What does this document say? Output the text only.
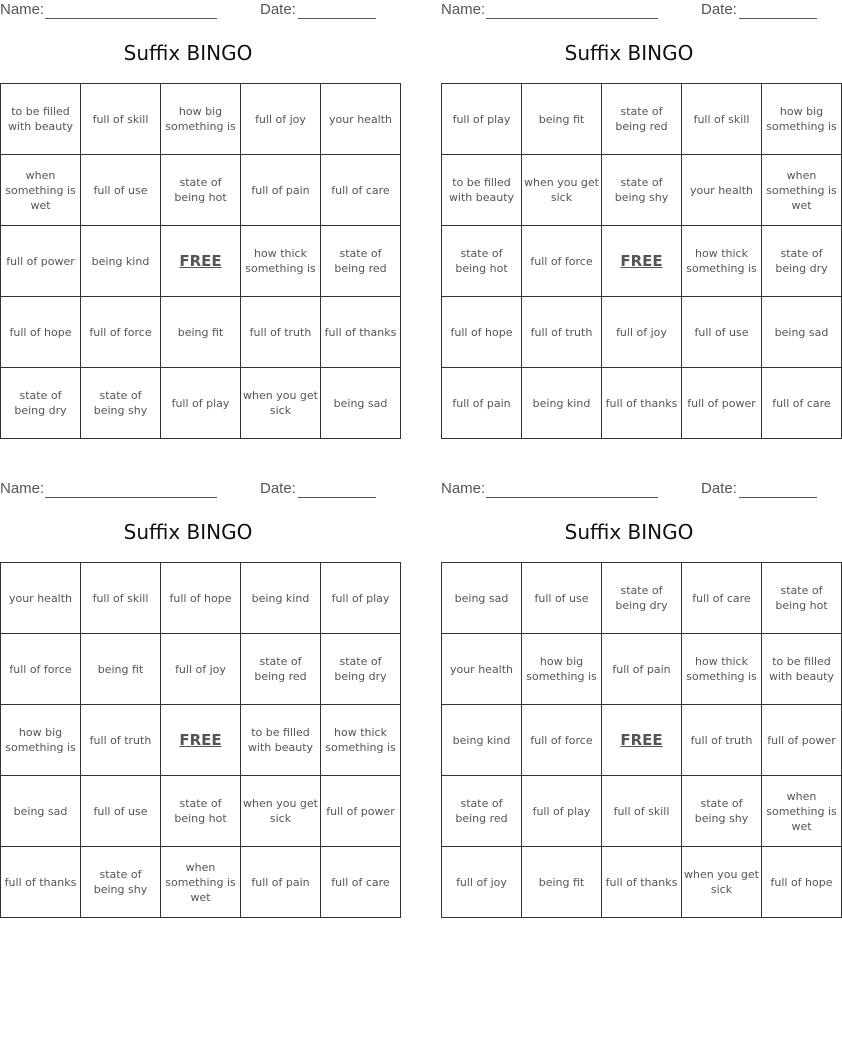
Name:	Date:
Suffix BINGO
to be filled with beauty	full of skill	how big something is	full of joy	your health
when something is wet	full of use	state of being hot	full of pain	full of care
full of power	being kind	FREE	how thick something is	state of being red
full of hope	full of force	being fit	full of truth	full of thanks
state of being dry	state of being shy	full of play	when you get sick	being sad
Name:	Date:
Suffix BINGO
full of play	being fit	state of being red	full of skill	how big something is
to be filled with beauty	when you get sick	state of being shy	your health	when something is wet
state of being hot	full of force	FREE	how thick something is	state of being dry
full of hope	full of truth	full of joy	full of use	being sad
full of pain	being kind	full of thanks	full of power	full of care
Name:	Date:
Suffix BINGO
your health	full of skill	full of hope	being kind	full of play
full of force	being fit	full of joy	state of being red	state of being dry
how big something is	full of truth	FREE	to be filled with beauty	how thick something is
being sad	full of use	state of being hot	when you get sick	full of power
full of thanks	state of being shy	when something is wet	full of pain	full of care
Name:	Date:
Suffix BINGO
being sad	full of use	state of being dry	full of care	state of being hot
your health	how big something is	full of pain	how thick something is	to be filled with beauty
being kind	full of force	FREE	full of truth	full of power
state of being red	full of play	full of skill	state of being shy	when something is wet
full of joy	being fit	full of thanks	when you get sick	full of hope
